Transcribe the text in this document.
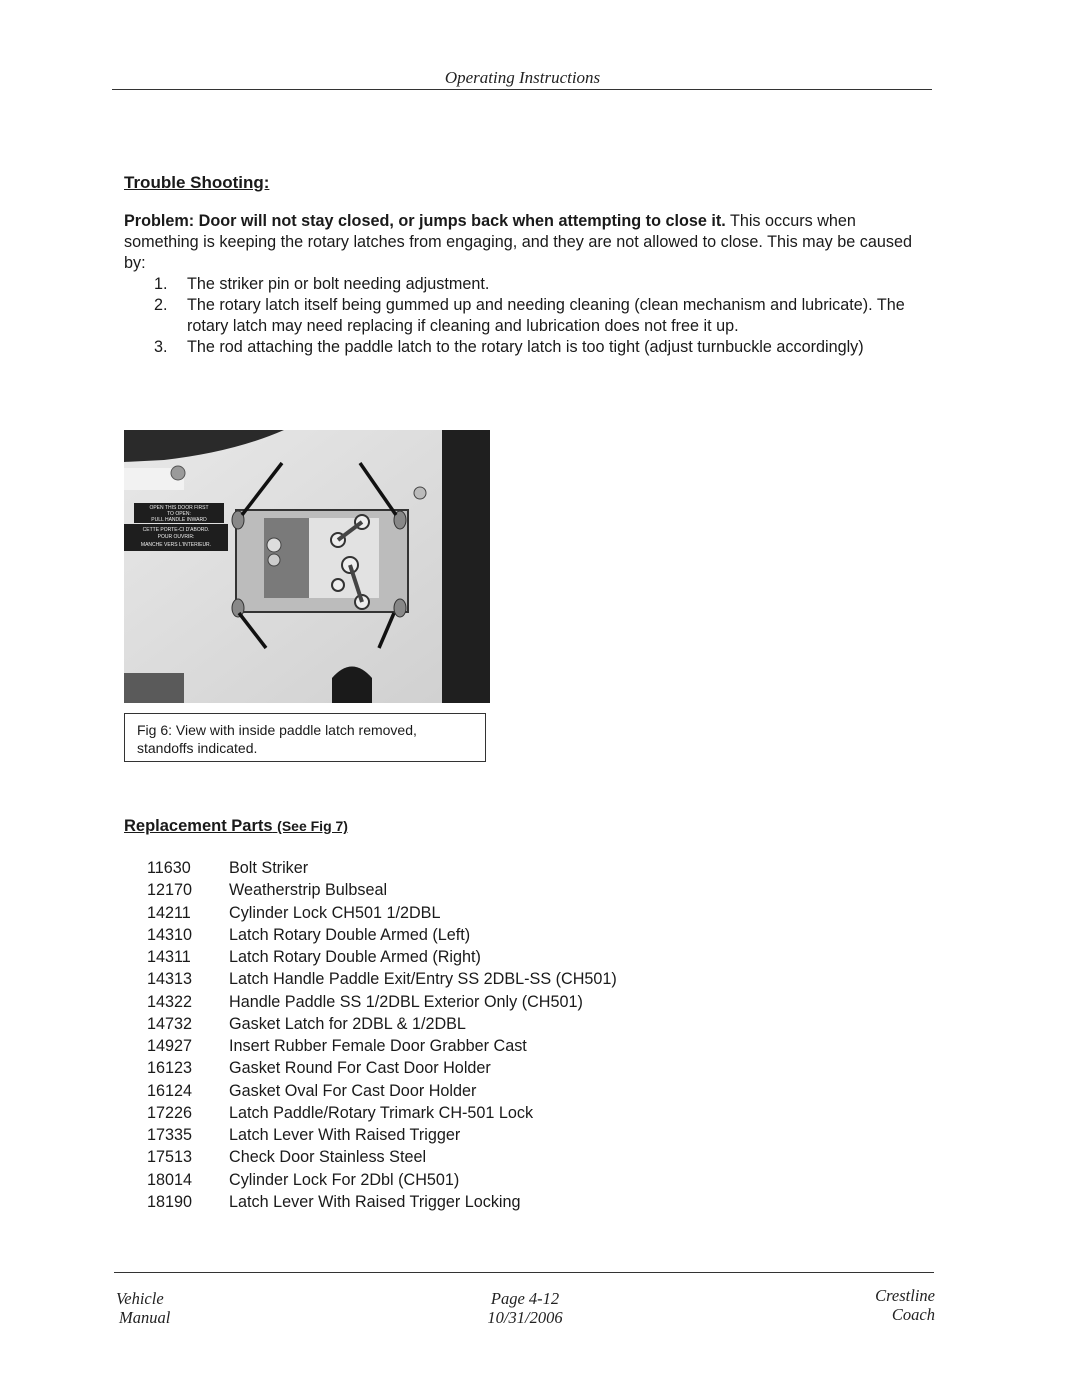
Operating Instructions
Trouble Shooting:
Problem: Door will not stay closed, or jumps back when attempting to close it. This occurs when something is keeping the rotary latches from engaging, and they are not allowed to close. This may be caused by:
1. The striker pin or bolt needing adjustment.
2. The rotary latch itself being gummed up and needing cleaning (clean mechanism and lubricate). The rotary latch may need replacing if cleaning and lubrication does not free it up.
3. The rod attaching the paddle latch to the rotary latch is too tight (adjust turnbuckle accordingly)
OPEN THIS DOOR FIRST
TO OPEN:
PULL HANDLE INWARD
CETTE PORTE-CI D'ABORD.
POUR OUVRIR:
MANCHE VERS L'INTERIEUR.
Fig 6: View with inside paddle latch removed, standoffs indicated.
Replacement Parts (See Fig 7)
11630 Bolt Striker
12170 Weatherstrip Bulbseal
14211 Cylinder Lock CH501 1/2DBL
14310 Latch Rotary Double Armed (Left)
14311 Latch Rotary Double Armed (Right)
14313 Latch Handle Paddle Exit/Entry SS 2DBL-SS (CH501)
14322 Handle Paddle SS 1/2DBL Exterior Only (CH501)
14732 Gasket Latch for 2DBL & 1/2DBL
14927 Insert Rubber Female Door Grabber Cast
16123 Gasket Round For Cast Door Holder
16124 Gasket Oval For Cast Door Holder
17226 Latch Paddle/Rotary Trimark CH-501 Lock
17335 Latch Lever With Raised Trigger
17513 Check Door Stainless Steel
18014 Cylinder Lock For 2Dbl (CH501)
18190 Latch Lever With Raised Trigger Locking
Vehicle
Manual
Page 4-12
10/31/2006
Crestline
Coach
